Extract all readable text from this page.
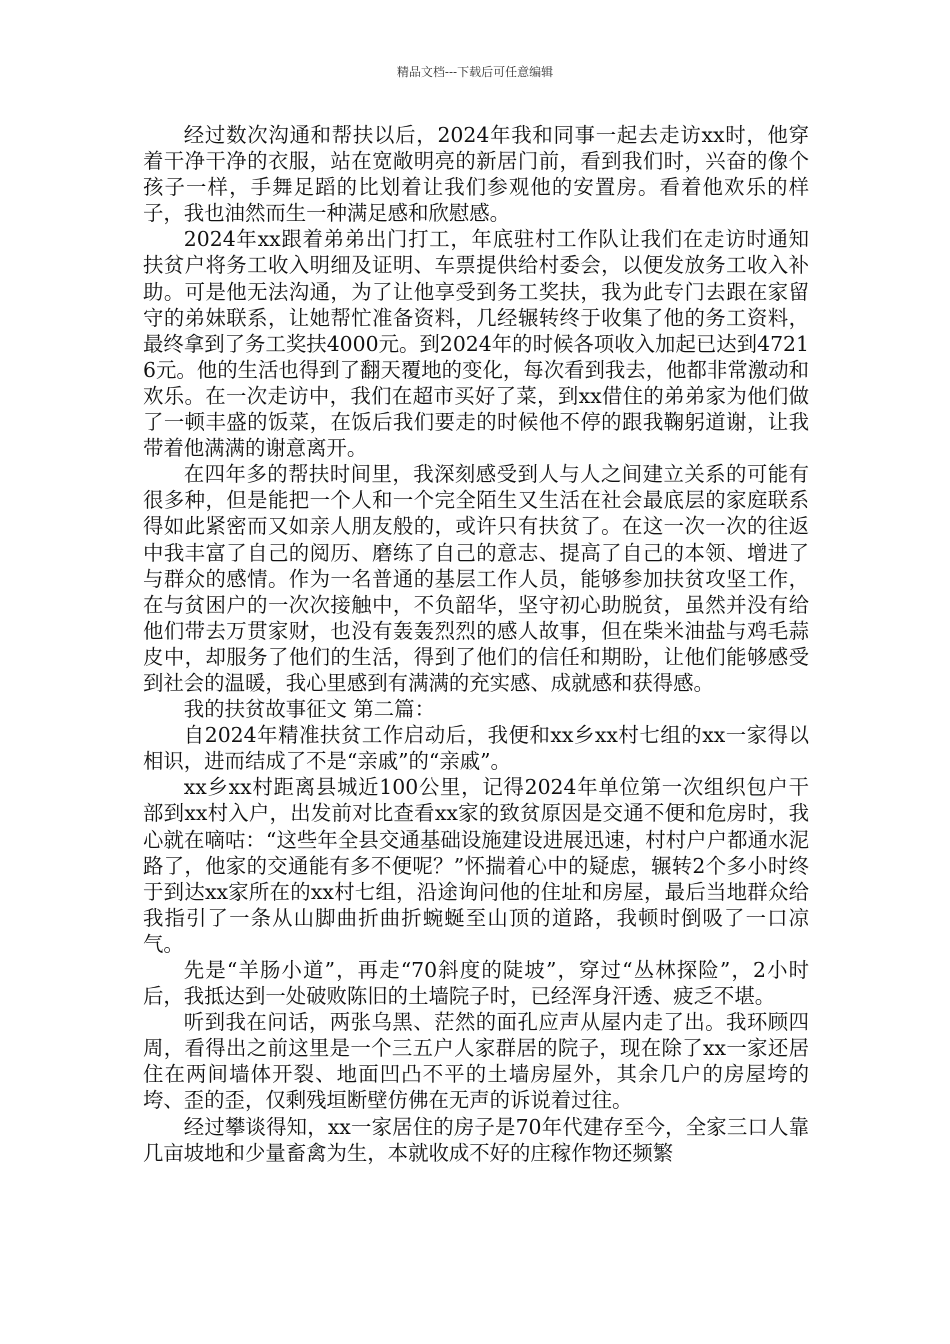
精品文档---下载后可任意编辑

经过数次沟通和帮扶以后，2024年我和同事一起去走访xx时，他穿着干净干净的衣服，站在宽敞明亮的新居门前，看到我们时，兴奋的像个孩子一样，手舞足蹈的比划着让我们参观他的安置房。看着他欢乐的样子，我也油然而生一种满足感和欣慰感。

2024年xx跟着弟弟出门打工，年底驻村工作队让我们在走访时通知扶贫户将务工收入明细及证明、车票提供给村委会，以便发放务工收入补助。可是他无法沟通，为了让他享受到务工奖扶，我为此专门去跟在家留守的弟妹联系，让她帮忙准备资料，几经辗转终于收集了他的务工资料，最终拿到了务工奖扶4000元。到2024年的时候各项收入加起已达到47216元。他的生活也得到了翻天覆地的变化，每次看到我去，他都非常激动和欢乐。在一次走访中，我们在超市买好了菜，到xx借住的弟弟家为他们做了一顿丰盛的饭菜，在饭后我们要走的时候他不停的跟我鞠躬道谢，让我带着他满满的谢意离开。

在四年多的帮扶时间里，我深刻感受到人与人之间建立关系的可能有很多种，但是能把一个人和一个完全陌生又生活在社会最底层的家庭联系得如此紧密而又如亲人朋友般的，或许只有扶贫了。在这一次一次的往返中我丰富了自己的阅历、磨练了自己的意志、提高了自己的本领、增进了与群众的感情。作为一名普通的基层工作人员，能够参加扶贫攻坚工作，在与贫困户的一次次接触中，不负韶华，坚守初心助脱贫，虽然并没有给他们带去万贯家财，也没有轰轰烈烈的感人故事，但在柴米油盐与鸡毛蒜皮中，却服务了他们的生活，得到了他们的信任和期盼，让他们能够感受到社会的温暖，我心里感到有满满的充实感、成就感和获得感。

我的扶贫故事征文 第二篇：

自2024年精准扶贫工作启动后，我便和xx乡xx村七组的xx一家得以相识，进而结成了不是“亲戚”的“亲戚”。

xx乡xx村距离县城近100公里，记得2024年单位第一次组织包户干部到xx村入户，出发前对比查看xx家的致贫原因是交通不便和危房时，我心就在嘀咕：“这些年全县交通基础设施建设进展迅速，村村户户都通水泥路了，他家的交通能有多不便呢？”怀揣着心中的疑虑，辗转2个多小时终于到达xx家所在的xx村七组，沿途询问他的住址和房屋，最后当地群众给我指引了一条从山脚曲折曲折蜿蜒至山顶的道路，我顿时倒吸了一口凉气。

先是“羊肠小道”，再走“70斜度的陡坡”，穿过“丛林探险”，2小时后，我抵达到一处破败陈旧的土墙院子时，已经浑身汗透、疲乏不堪。

听到我在问话，两张乌黑、茫然的面孔应声从屋内走了出。我环顾四周，看得出之前这里是一个三五户人家群居的院子，现在除了xx一家还居住在两间墙体开裂、地面凹凸不平的土墙房屋外，其余几户的房屋垮的垮、歪的歪，仅剩残垣断壁仿佛在无声的诉说着过往。

经过攀谈得知，xx一家居住的房子是70年代建存至今，全家三口人靠几亩坡地和少量畜禽为生，本就收成不好的庄稼作物还频繁
